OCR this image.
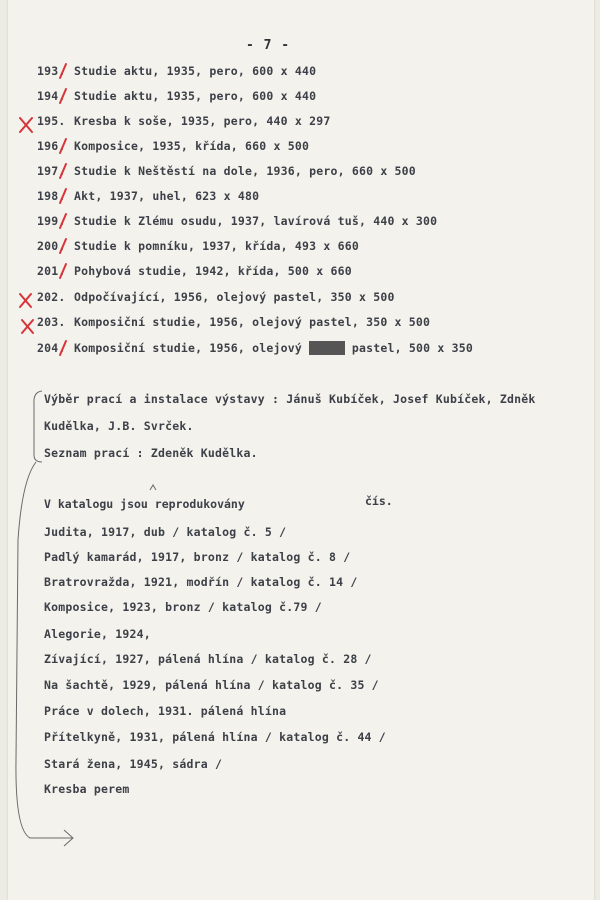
- 7 -
193. Studie aktu, 1935, pero, 600 x 440
194. Studie aktu, 1935, pero, 600 x 440
195. Kresba k soše, 1935, pero, 440 x 297
196. Komposice, 1935, křída, 660 x 500
197. Studie k Neštěstí na dole, 1936, pero, 660 x 500
198. Akt, 1937, uhel, 623 x 480
199. Studie k Zlému osudu, 1937, lavírová tuš, 440 x 300
200. Studie k pomníku, 1937, křída, 493 x 660
201. Pohybová studie, 1942, křída, 500 x 660
202. Odpočívající, 1956, olejový pastel, 350 x 500
203. Komposiční studie, 1956, olejový pastel, 350 x 500
204. Komposiční studie, 1956, olejový xxxxx pastel, 500 x 350
Výběr prací a instalace výstavy : Jánuš Kubíček, Josef Kubíček, Zdněk
Kudělka, J.B. Svrček.
Seznam prací : Zdeněk Kudělka.
V katalogu jsou reprodukovány	čís.
Judita, 1917, dub / katalog č. 5 /
Padlý kamarád, 1917, bronz / katalog č. 8 /
Bratrovražda, 1921, modřín / katalog č. 14 /
Komposice, 1923, bronz / katalog č.79 /
Alegorie, 1924,
Zívající, 1927, pálená hlína / katalog č. 28 /
Na šachtě, 1929, pálená hlína / katalog č. 35 /
Práce v dolech, 1931. pálená hlína
Přítelkyně, 1931, pálená hlína / katalog č. 44 /
Stará žena, 1945, sádra /
Kresba perem
